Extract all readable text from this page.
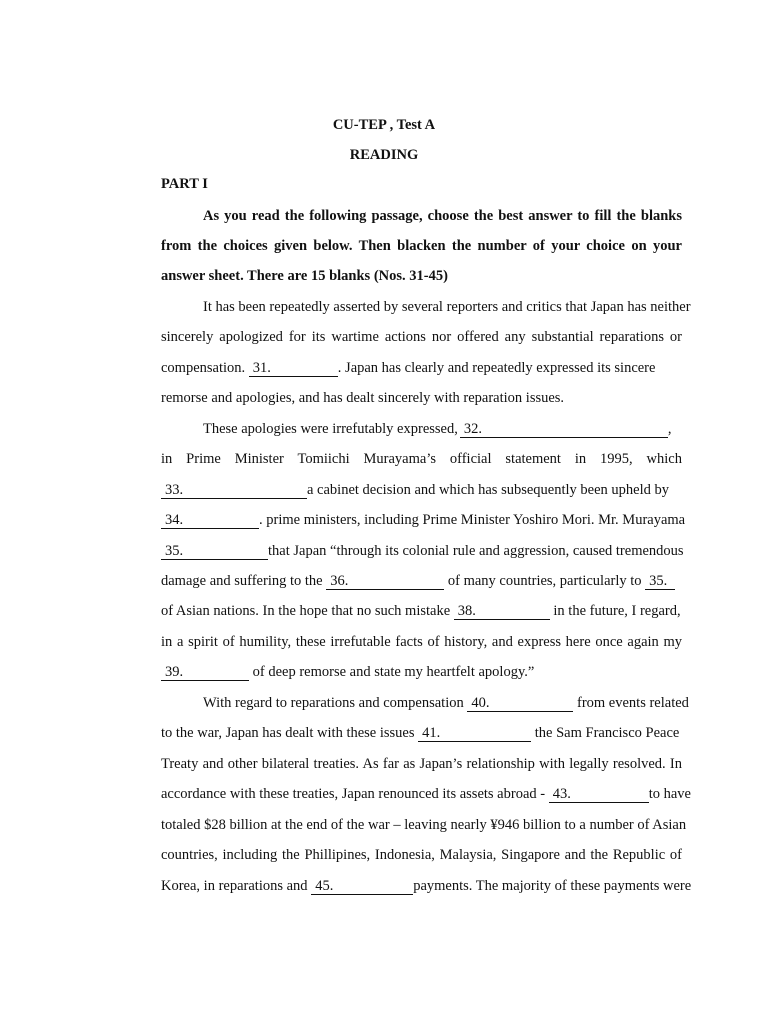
CU-TEP , Test A
READING
PART I
As you read the following passage, choose the best answer to fill the blanks
from the choices given below. Then blacken the number of your choice on your
answer sheet. There are 15 blanks (Nos. 31-45)
It has been repeatedly asserted by several reporters and critics that Japan has neither
sincerely apologized for its wartime actions nor offered any substantial reparations or
compensation. 31.	. Japan has clearly and repeatedly expressed its sincere
remorse and apologies, and has dealt sincerely with reparation issues.
These apologies were irrefutably expressed, 32.	,
in Prime Minister Tomiichi Murayama’s official statement in 1995, which
33.	a cabinet decision and which has subsequently been upheld by
34.	. prime ministers, including Prime Minister Yoshiro Mori. Mr. Murayama
35.	that Japan “through its colonial rule and aggression, caused tremendous
damage and suffering to the 36.	of many countries, particularly to 35.
of Asian nations. In the hope that no such mistake 38.	in the future, I regard,
in a spirit of humility, these irrefutable facts of history, and express here once again my
39.	of deep remorse and state my heartfelt apology.”
With regard to reparations and compensation 40.	from events related
to the war, Japan has dealt with these issues 41.	the Sam Francisco Peace
Treaty and other bilateral treaties. As far as Japan’s relationship with legally resolved. In
accordance with these treaties, Japan renounced its assets abroad - 43.	to have
totaled $28 billion at the end of the war – leaving nearly ¥946 billion to a number of Asian
countries, including the Phillipines, Indonesia, Malaysia, Singapore and the Republic of
Korea, in reparations and 45.	payments. The majority of these payments were
